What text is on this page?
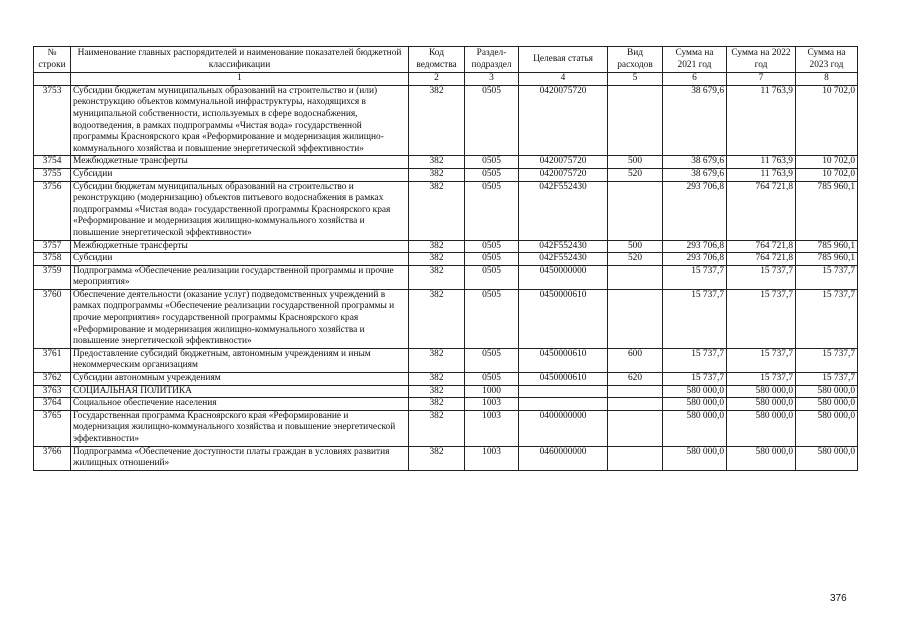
№ строки	Наименование главных распорядителей и наименование показателей бюджетной классификации	Код ведомства	Раздел-подраздел	Целевая статья	Вид расходов	Сумма на 2021 год	Сумма на 2022 год	Сумма на 2023 год
	1	2	3	4	5	6	7	8
3753	Субсидии бюджетам муниципальных образований на строительство и (или) реконструкцию объектов коммунальной инфраструктуры, находящихся в муниципальной собственности, используемых в сфере водоснабжения, водоотведения, в рамках подпрограммы «Чистая вода» государственной программы Красноярского края «Реформирование и модернизация жилищно-коммунального хозяйства и повышение энергетической эффективности»	382	0505	0420075720		38 679,6	11 763,9	10 702,0
3754	Межбюджетные трансферты	382	0505	0420075720	500	38 679,6	11 763,9	10 702,0
3755	Субсидии	382	0505	0420075720	520	38 679,6	11 763,9	10 702,0
3756	Субсидии бюджетам муниципальных образований на строительство и реконструкцию (модернизацию) объектов питьевого водоснабжения в рамках подпрограммы «Чистая вода» государственной программы Красноярского края «Реформирование и модернизация жилищно-коммунального хозяйства и повышение энергетической эффективности»	382	0505	042F552430		293 706,8	764 721,8	785 960,1
3757	Межбюджетные трансферты	382	0505	042F552430	500	293 706,8	764 721,8	785 960,1
3758	Субсидии	382	0505	042F552430	520	293 706,8	764 721,8	785 960,1
3759	Подпрограмма «Обеспечение реализации государственной программы и прочие мероприятия»	382	0505	0450000000		15 737,7	15 737,7	15 737,7
3760	Обеспечение деятельности (оказание услуг) подведомственных учреждений в рамках подпрограммы «Обеспечение реализации государственной программы и прочие мероприятия» государственной программы Красноярского края «Реформирование и модернизация жилищно-коммунального хозяйства и повышение энергетической эффективности»	382	0505	0450000610		15 737,7	15 737,7	15 737,7
3761	Предоставление субсидий бюджетным, автономным учреждениям и иным некоммерческим организациям	382	0505	0450000610	600	15 737,7	15 737,7	15 737,7
3762	Субсидии автономным учреждениям	382	0505	0450000610	620	15 737,7	15 737,7	15 737,7
3763	СОЦИАЛЬНАЯ ПОЛИТИКА	382	1000			580 000,0	580 000,0	580 000,0
3764	Социальное обеспечение населения	382	1003			580 000,0	580 000,0	580 000,0
3765	Государственная программа Красноярского края «Реформирование и модернизация жилищно-коммунального хозяйства и повышение энергетической эффективности»	382	1003	0400000000		580 000,0	580 000,0	580 000,0
3766	Подпрограмма «Обеспечение доступности платы граждан в условиях развития жилищных отношений»	382	1003	0460000000		580 000,0	580 000,0	580 000,0
376
